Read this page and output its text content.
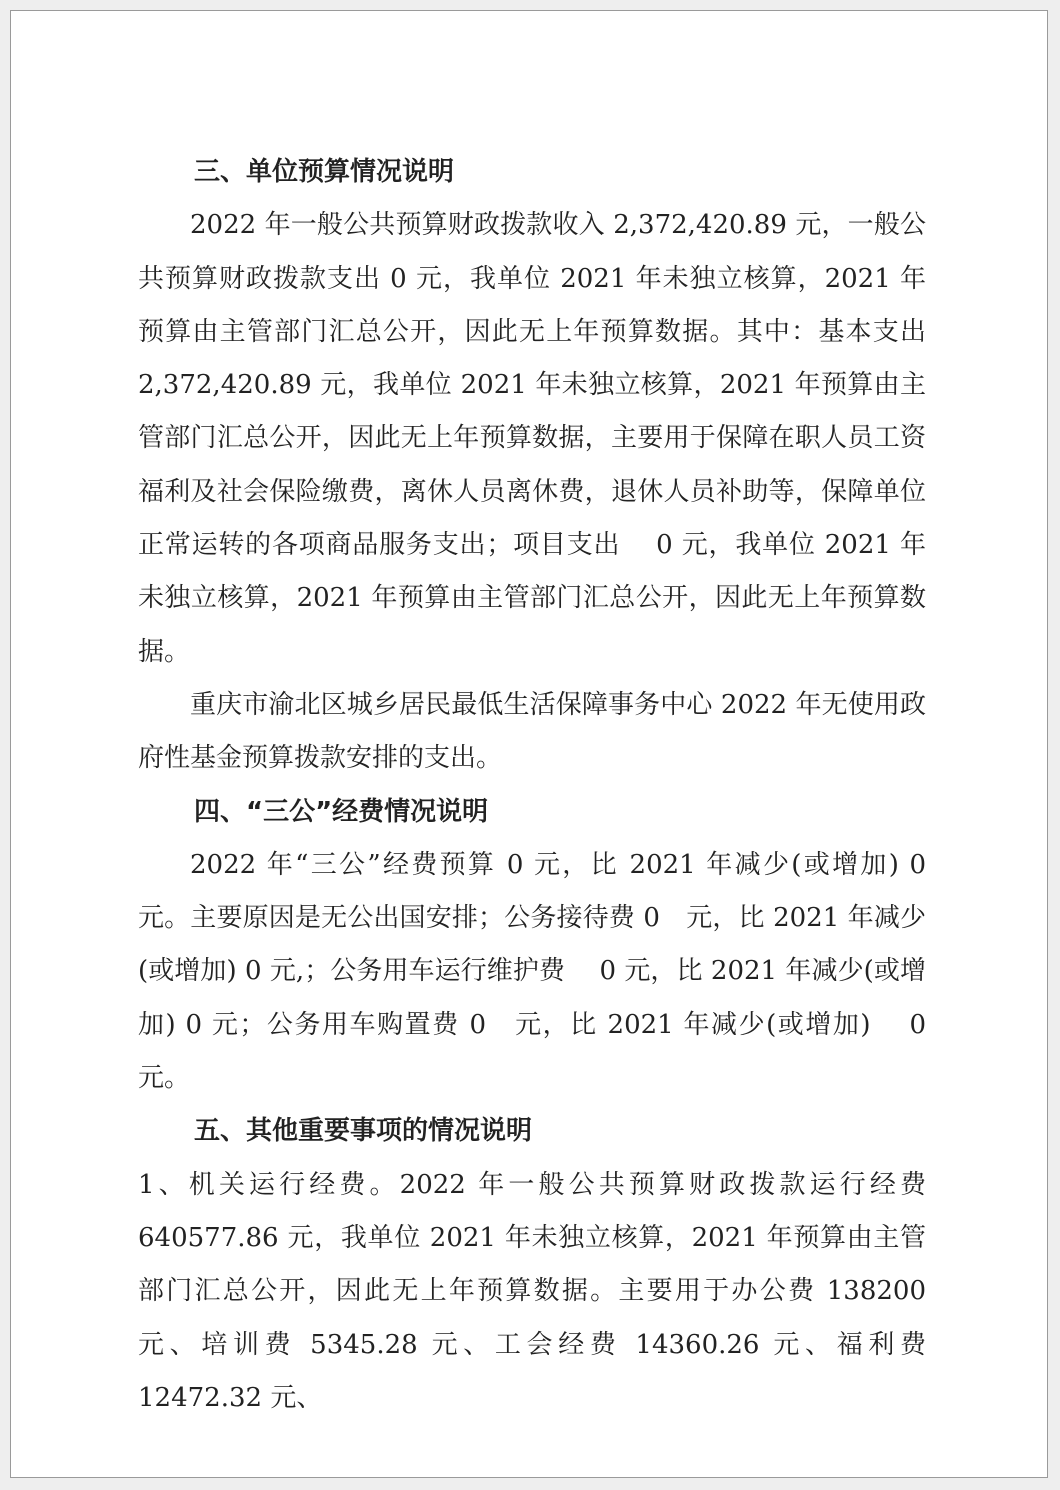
三、单位预算情况说明

2022 年一般公共预算财政拨款收入 2,372,420.89 元，一般公共预算财政拨款支出 0 元，我单位 2021 年未独立核算，2021 年预算由主管部门汇总公开，因此无上年预算数据。其中：基本支出 2,372,420.89 元，我单位 2021 年未独立核算，2021 年预算由主管部门汇总公开，因此无上年预算数据，主要用于保障在职人员工资福利及社会保险缴费，离休人员离休费，退休人员补助等，保障单位正常运转的各项商品服务支出；项目支出　 0 元，我单位 2021 年未独立核算，2021 年预算由主管部门汇总公开，因此无上年预算数据。

重庆市渝北区城乡居民最低生活保障事务中心 2022 年无使用政府性基金预算拨款安排的支出。

四、“三公”经费情况说明

2022 年“三公”经费预算 0 元，比 2021 年减少(或增加) 0 元。主要原因是无公出国安排；公务接待费 0　元，比 2021 年减少(或增加) 0 元,；公务用车运行维护费　 0 元，比 2021 年减少(或增加) 0 元；公务用车购置费 0　元，比 2021 年减少(或增加)　 0 元。

五、其他重要事项的情况说明

1、机关运行经费。2022 年一般公共预算财政拨款运行经费 640577.86 元，我单位 2021 年未独立核算，2021 年预算由主管部门汇总公开，因此无上年预算数据。主要用于办公费 138200 元、培训费 5345.28 元、工会经费 14360.26 元、福利费 12472.32 元、
